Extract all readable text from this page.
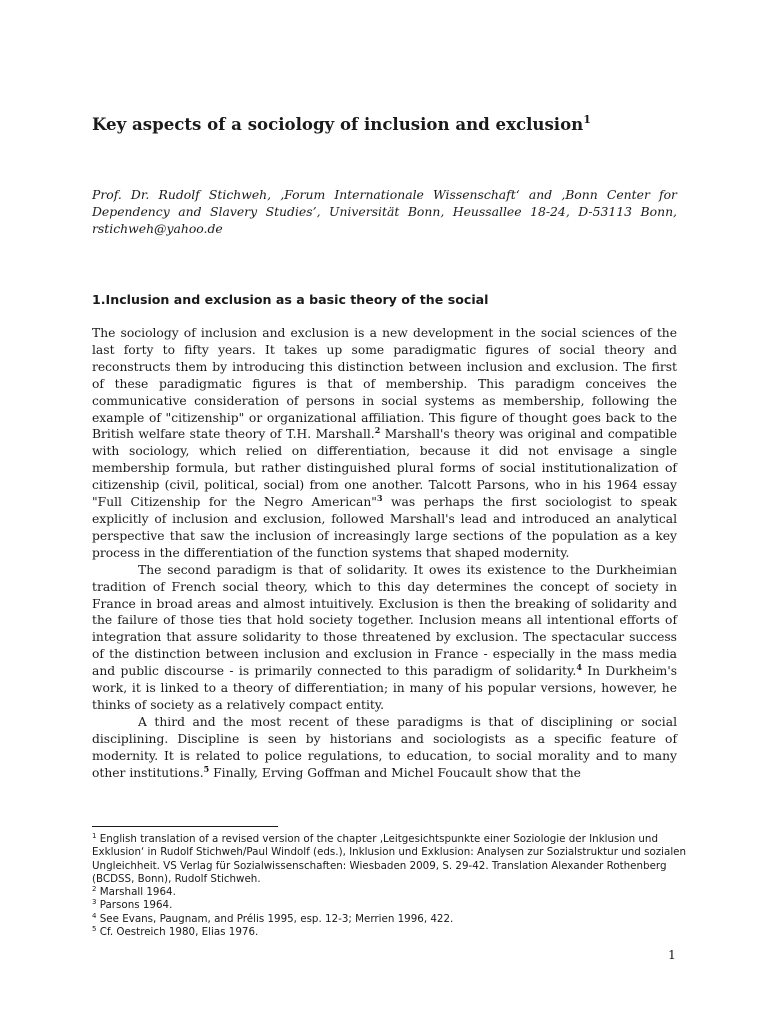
Key aspects of a sociology of inclusion and exclusion$^1$

Prof. Dr. Rudolf Stichweh, ‚Forum Internationale Wissenschaft‘ and ‚Bonn Center for Dependency and Slavery Studies’, Universität Bonn, Heussallee 18-24, D-53113 Bonn, rstichweh@yahoo.de

1.Inclusion and exclusion as a basic theory of the social

The sociology of inclusion and exclusion is a new development in the social sciences of the last forty to fifty years. It takes up some paradigmatic figures of social theory and reconstructs them by introducing this distinction between inclusion and exclusion. The first of these paradigmatic figures is that of membership. This paradigm conceives the communicative consideration of persons in social systems as membership, following the example of "citizenship" or organizational affiliation. This figure of thought goes back to the British welfare state theory of T.H. Marshall.$^2$ Marshall's theory was original and compatible with sociology, which relied on differentiation, because it did not envisage a single membership formula, but rather distinguished plural forms of social institutionalization of citizenship (civil, political, social) from one another. Talcott Parsons, who in his 1964 essay "Full Citizenship for the Negro American"$^3$ was perhaps the first sociologist to speak explicitly of inclusion and exclusion, followed Marshall's lead and introduced an analytical perspective that saw the inclusion of increasingly large sections of the population as a key process in the differentiation of the function systems that shaped modernity.

The second paradigm is that of solidarity. It owes its existence to the Durkheimian tradition of French social theory, which to this day determines the concept of society in France in broad areas and almost intuitively. Exclusion is then the breaking of solidarity and the failure of those ties that hold society together. Inclusion means all intentional efforts of integration that assure solidarity to those threatened by exclusion. The spectacular success of the distinction between inclusion and exclusion in France - especially in the mass media and public discourse - is primarily connected to this paradigm of solidarity.$^4$ In Durkheim's work, it is linked to a theory of differentiation; in many of his popular versions, however, he thinks of society as a relatively compact entity.

A third and the most recent of these paradigms is that of disciplining or social disciplining. Discipline is seen by historians and sociologists as a specific feature of modernity. It is related to police regulations, to education, to social morality and to many other institutions.$^5$ Finally, Erving Goffman and Michel Foucault show that the

$^1$ English translation of a revised version of the chapter ‚Leitgesichtspunkte einer Soziologie der Inklusion und Exklusion‘ in Rudolf Stichweh/Paul Windolf (eds.), Inklusion und Exklusion: Analysen zur Sozialstruktur und sozialen Ungleichheit. VS Verlag für Sozialwissenschaften: Wiesbaden 2009, S. 29-42. Translation Alexander Rothenberg (BCDSS, Bonn), Rudolf Stichweh.
$^2$ Marshall 1964.
$^3$ Parsons 1964.
$^4$ See Evans, Paugnam, and Prélis 1995, esp. 12-3; Merrien 1996, 422.
$^5$ Cf. Oestreich 1980, Elias 1976.
1
